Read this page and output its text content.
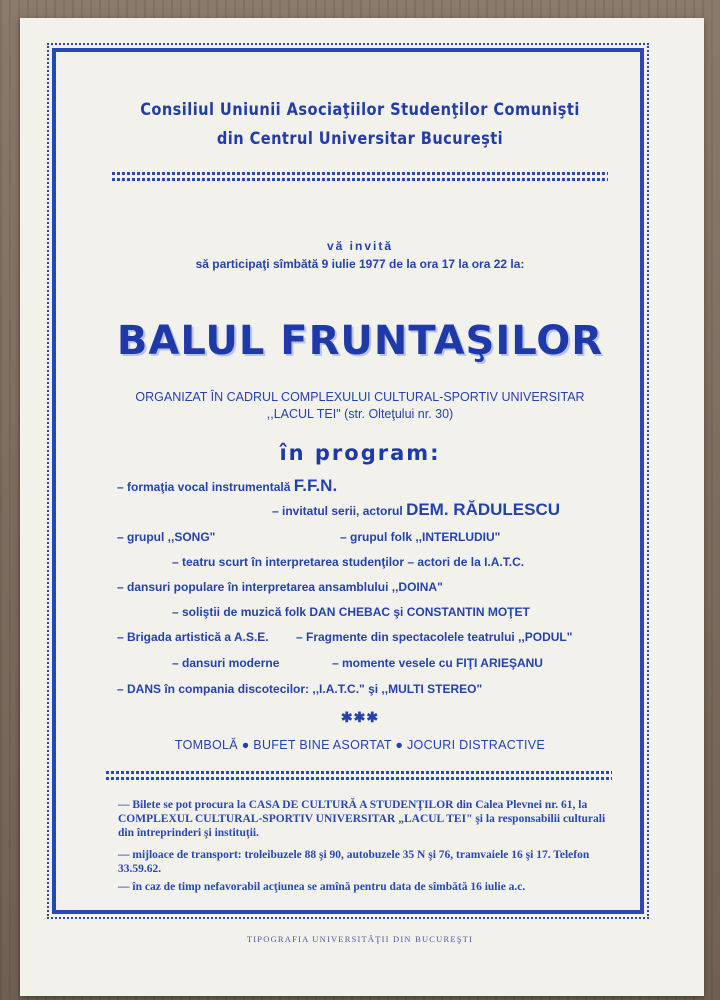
Consiliul Uniunii Asociaţiilor Studenţilor Comunişti
din Centrul Universitar Bucureşti
vă invită
să participaţi sîmbătă 9 iulie 1977 de la ora 17 la ora 22 la:
BALUL FRUNTAŞILOR
ORGANIZAT ÎN CADRUL COMPLEXULUI CULTURAL-SPORTIV UNIVERSITAR
,,LACUL TEI" (str. Olteţului nr. 30)
în program:
– formaţia vocal instrumentală F.F.N.
– invitatul serii, actorul DEM. RĂDULESCU
– grupul ,,SONG"	– grupul folk ,,INTERLUDIU"
– teatru scurt în interpretarea studenţilor – actori de la I.A.T.C.
– dansuri populare în interpretarea ansamblului ,,DOINA"
– soliştii de muzică folk DAN CHEBAC şi CONSTANTIN MOŢET
– Brigada artistică a A.S.E. – Fragmente din spectacolele teatrului ,,PODUL"
– dansuri moderne	– momente vesele cu FIŢI ARIEŞANU
– DANS în compania discotecilor: ,,I.A.T.C." şi ,,MULTI STEREO"
✱✱✱
TOMBOLĂ ● BUFET BINE ASORTAT ● JOCURI DISTRACTIVE
— Bilete se pot procura la CASA DE CULTURĂ A STUDENŢILOR din Calea Plevnei nr. 61, la COMPLEXUL CULTURAL-SPORTIV UNIVERSITAR „LACUL TEI" şi la responsabilii culturali din întreprinderi şi instituţii.
— mijloace de transport: troleibuzele 88 şi 90, autobuzele 35 N şi 76, tramvaiele 16 şi 17. Telefon 33.59.62.
— în caz de timp nefavorabil acţiunea se amînă pentru data de sîmbătă 16 iulie a.c.
TIPOGRAFIA UNIVERSITĂŢII DIN BUCUREŞTI
